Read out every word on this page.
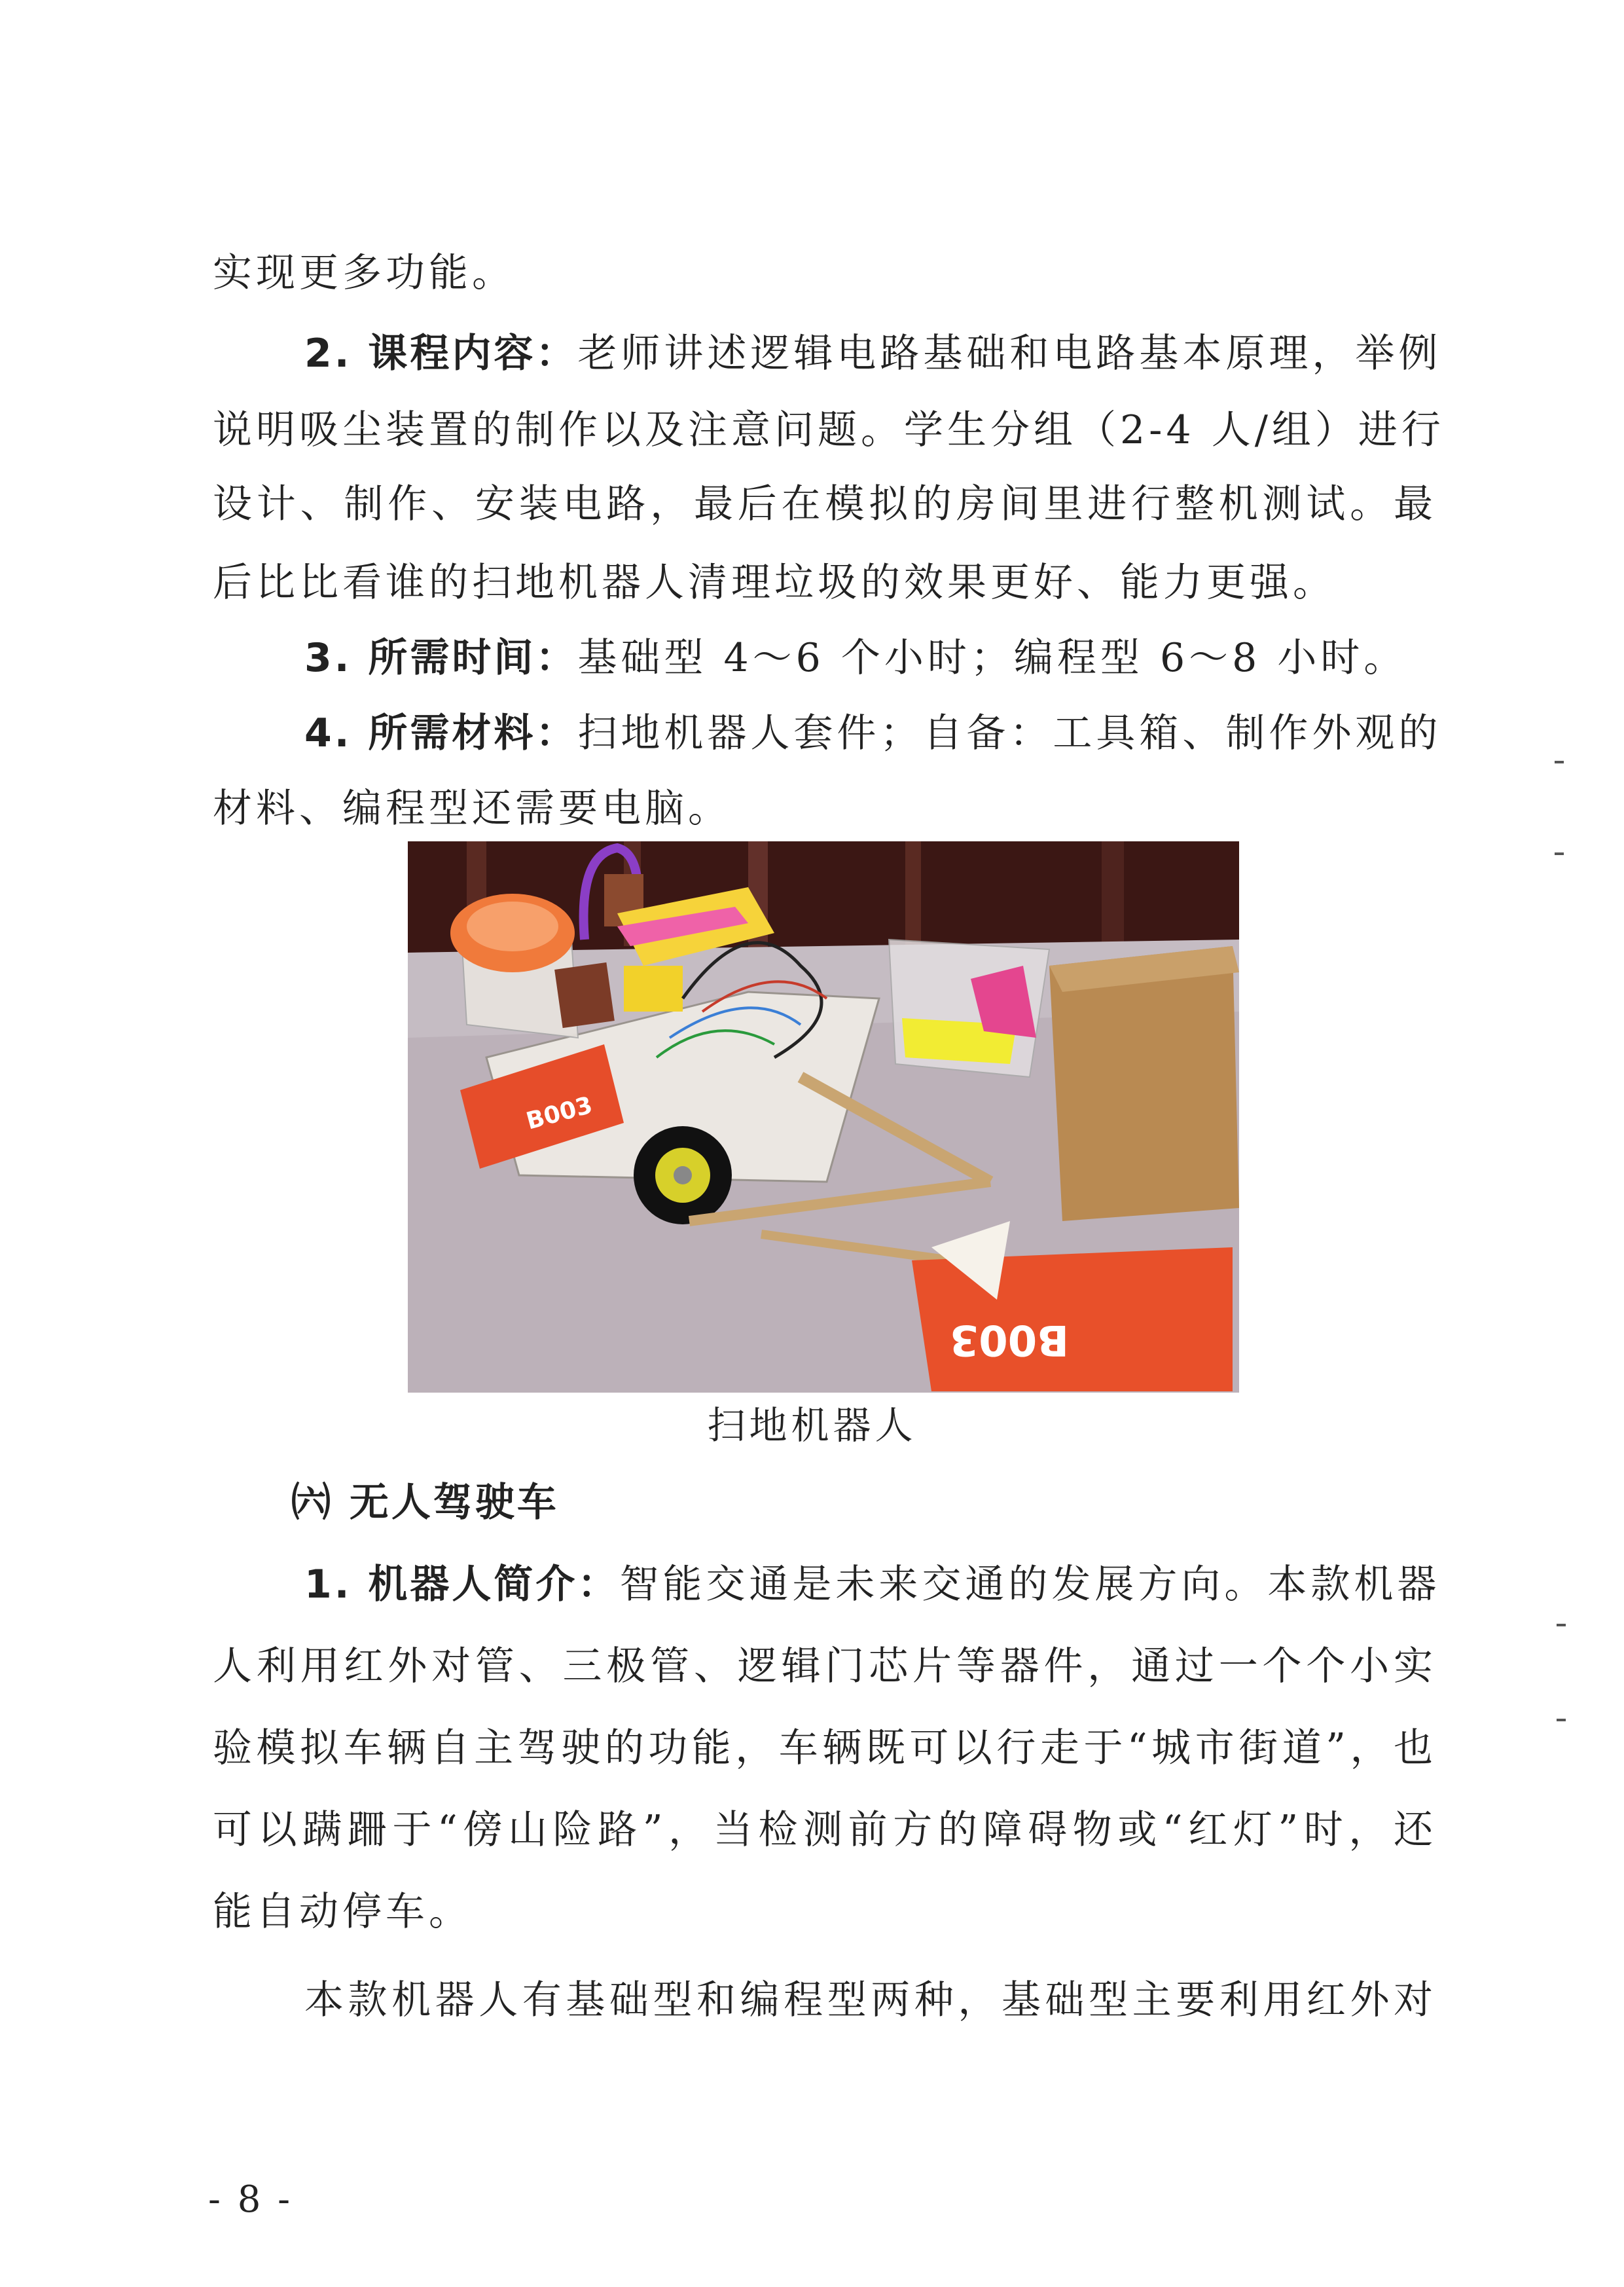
实现更多功能。
2. 课程内容：老师讲述逻辑电路基础和电路基本原理，举例
说明吸尘装置的制作以及注意问题。学生分组（2-4 人/组）进行
设计、制作、安装电路，最后在模拟的房间里进行整机测试。最
后比比看谁的扫地机器人清理垃圾的效果更好、能力更强。
3. 所需时间：基础型 4～6 个小时；编程型 6～8 小时。
4. 所需材料：扫地机器人套件；自备：工具箱、制作外观的
材料、编程型还需要电脑。
B003
B003
扫地机器人
㈥ 无人驾驶车
1. 机器人简介：智能交通是未来交通的发展方向。本款机器
人利用红外对管、三极管、逻辑门芯片等器件，通过一个个小实
验模拟车辆自主驾驶的功能，车辆既可以行走于“城市街道”，也
可以蹒跚于“傍山险路”，当检测前方的障碍物或“红灯”时，还
能自动停车。
本款机器人有基础型和编程型两种，基础型主要利用红外对
- 8 -
